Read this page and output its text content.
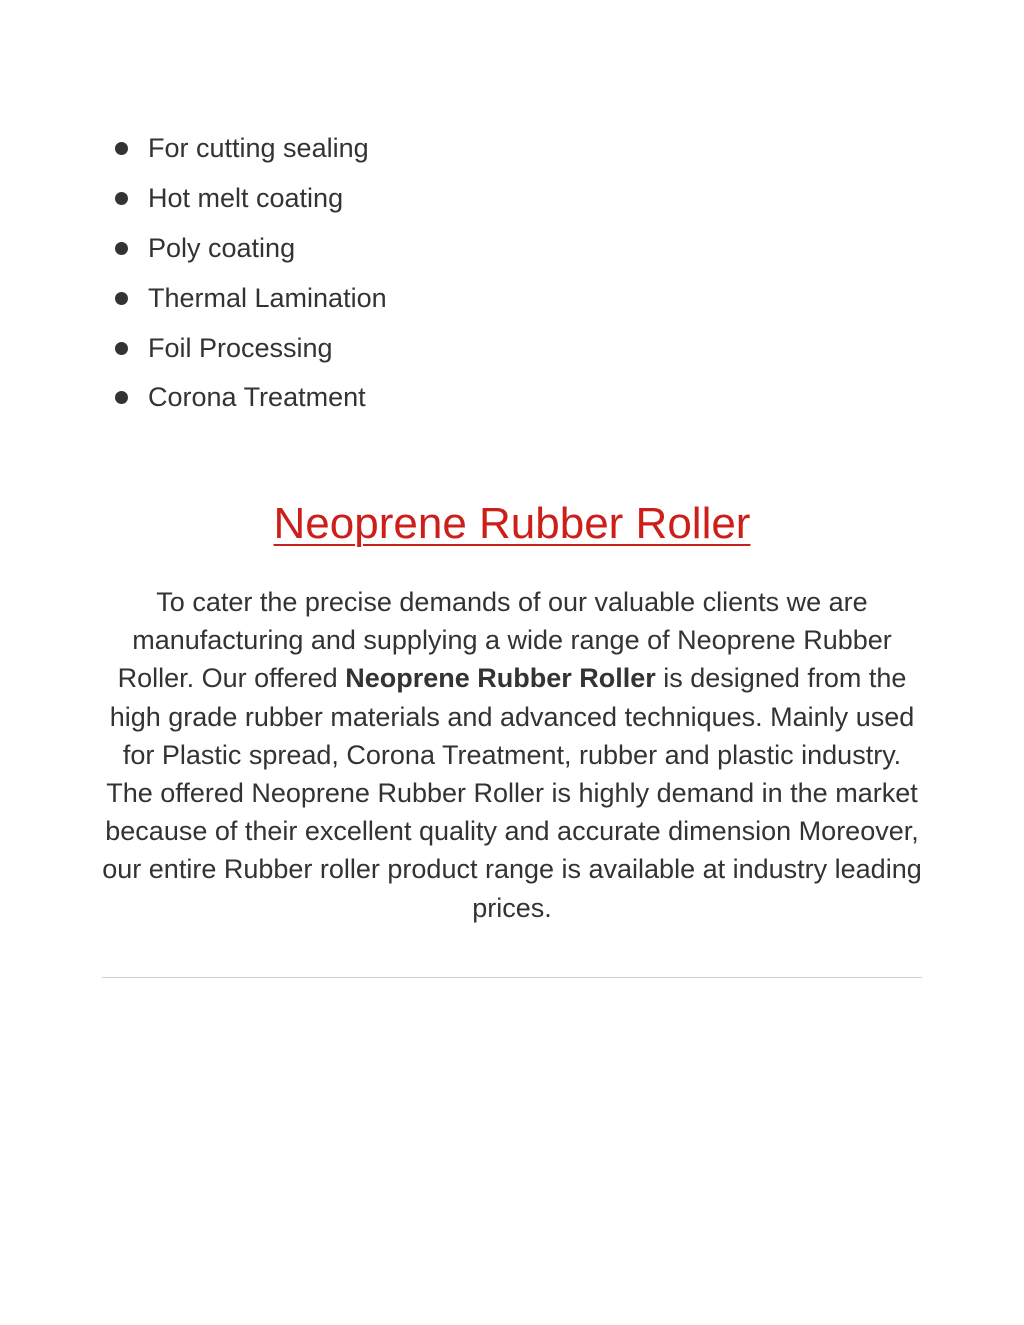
For cutting sealing
Hot melt coating
Poly coating
Thermal Lamination
Foil Processing
Corona Treatment
Neoprene Rubber Roller

To cater the precise demands of our valuable clients we are manufacturing and supplying a wide range of Neoprene Rubber Roller. Our offered Neoprene Rubber Roller is designed from the high grade rubber materials and advanced techniques. Mainly used for Plastic spread, Corona Treatment, rubber and plastic industry. The offered Neoprene Rubber Roller is highly demand in the market because of their excellent quality and accurate dimension Moreover, our entire Rubber roller product range is available at industry leading prices.
